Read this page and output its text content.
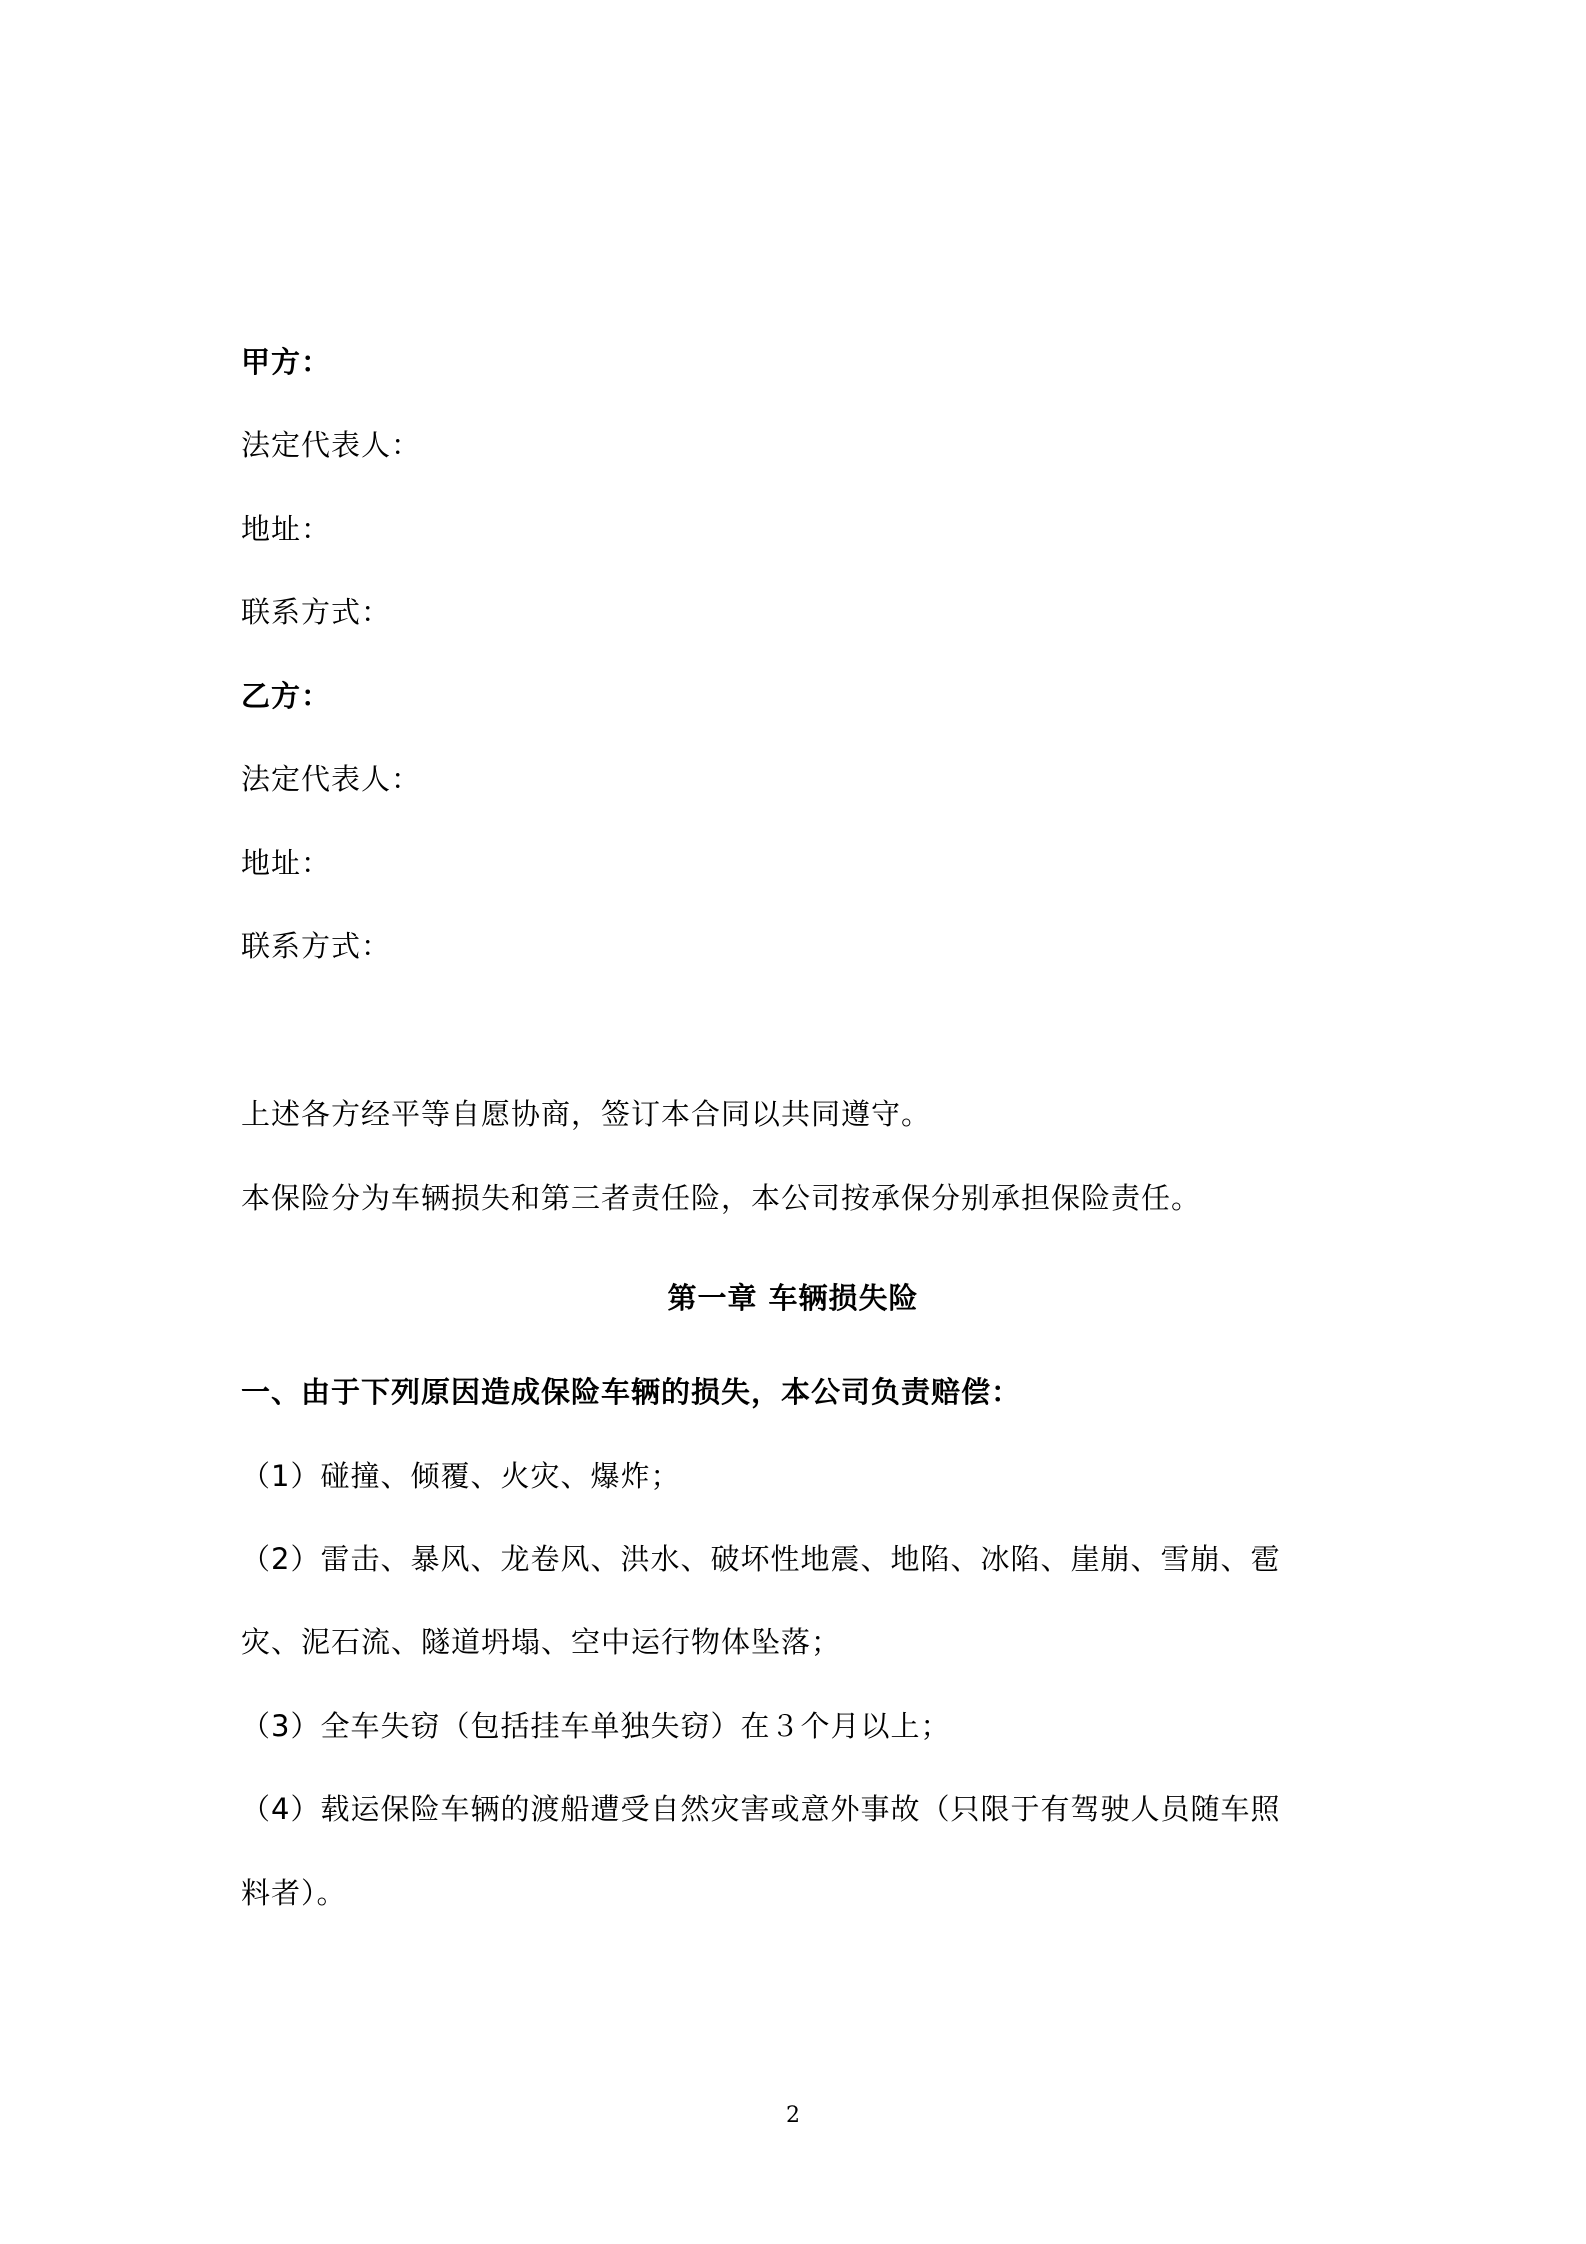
甲方：
法定代表人：
地址：
联系方式：
乙方：
法定代表人：
地址：
联系方式：
上述各方经平等自愿协商，签订本合同以共同遵守。
本保险分为车辆损失和第三者责任险，本公司按承保分别承担保险责任。
第一章 车辆损失险
一、由于下列原因造成保险车辆的损失，本公司负责赔偿：
（1）碰撞、倾覆、火灾、爆炸；
（2）雷击、暴风、龙卷风、洪水、破坏性地震、地陷、冰陷、崖崩、雪崩、雹
灾、泥石流、隧道坍塌、空中运行物体坠落；
（3）全车失窃（包括挂车单独失窃）在３个月以上；
（4）载运保险车辆的渡船遭受自然灾害或意外事故（只限于有驾驶人员随车照
料者）。
2
